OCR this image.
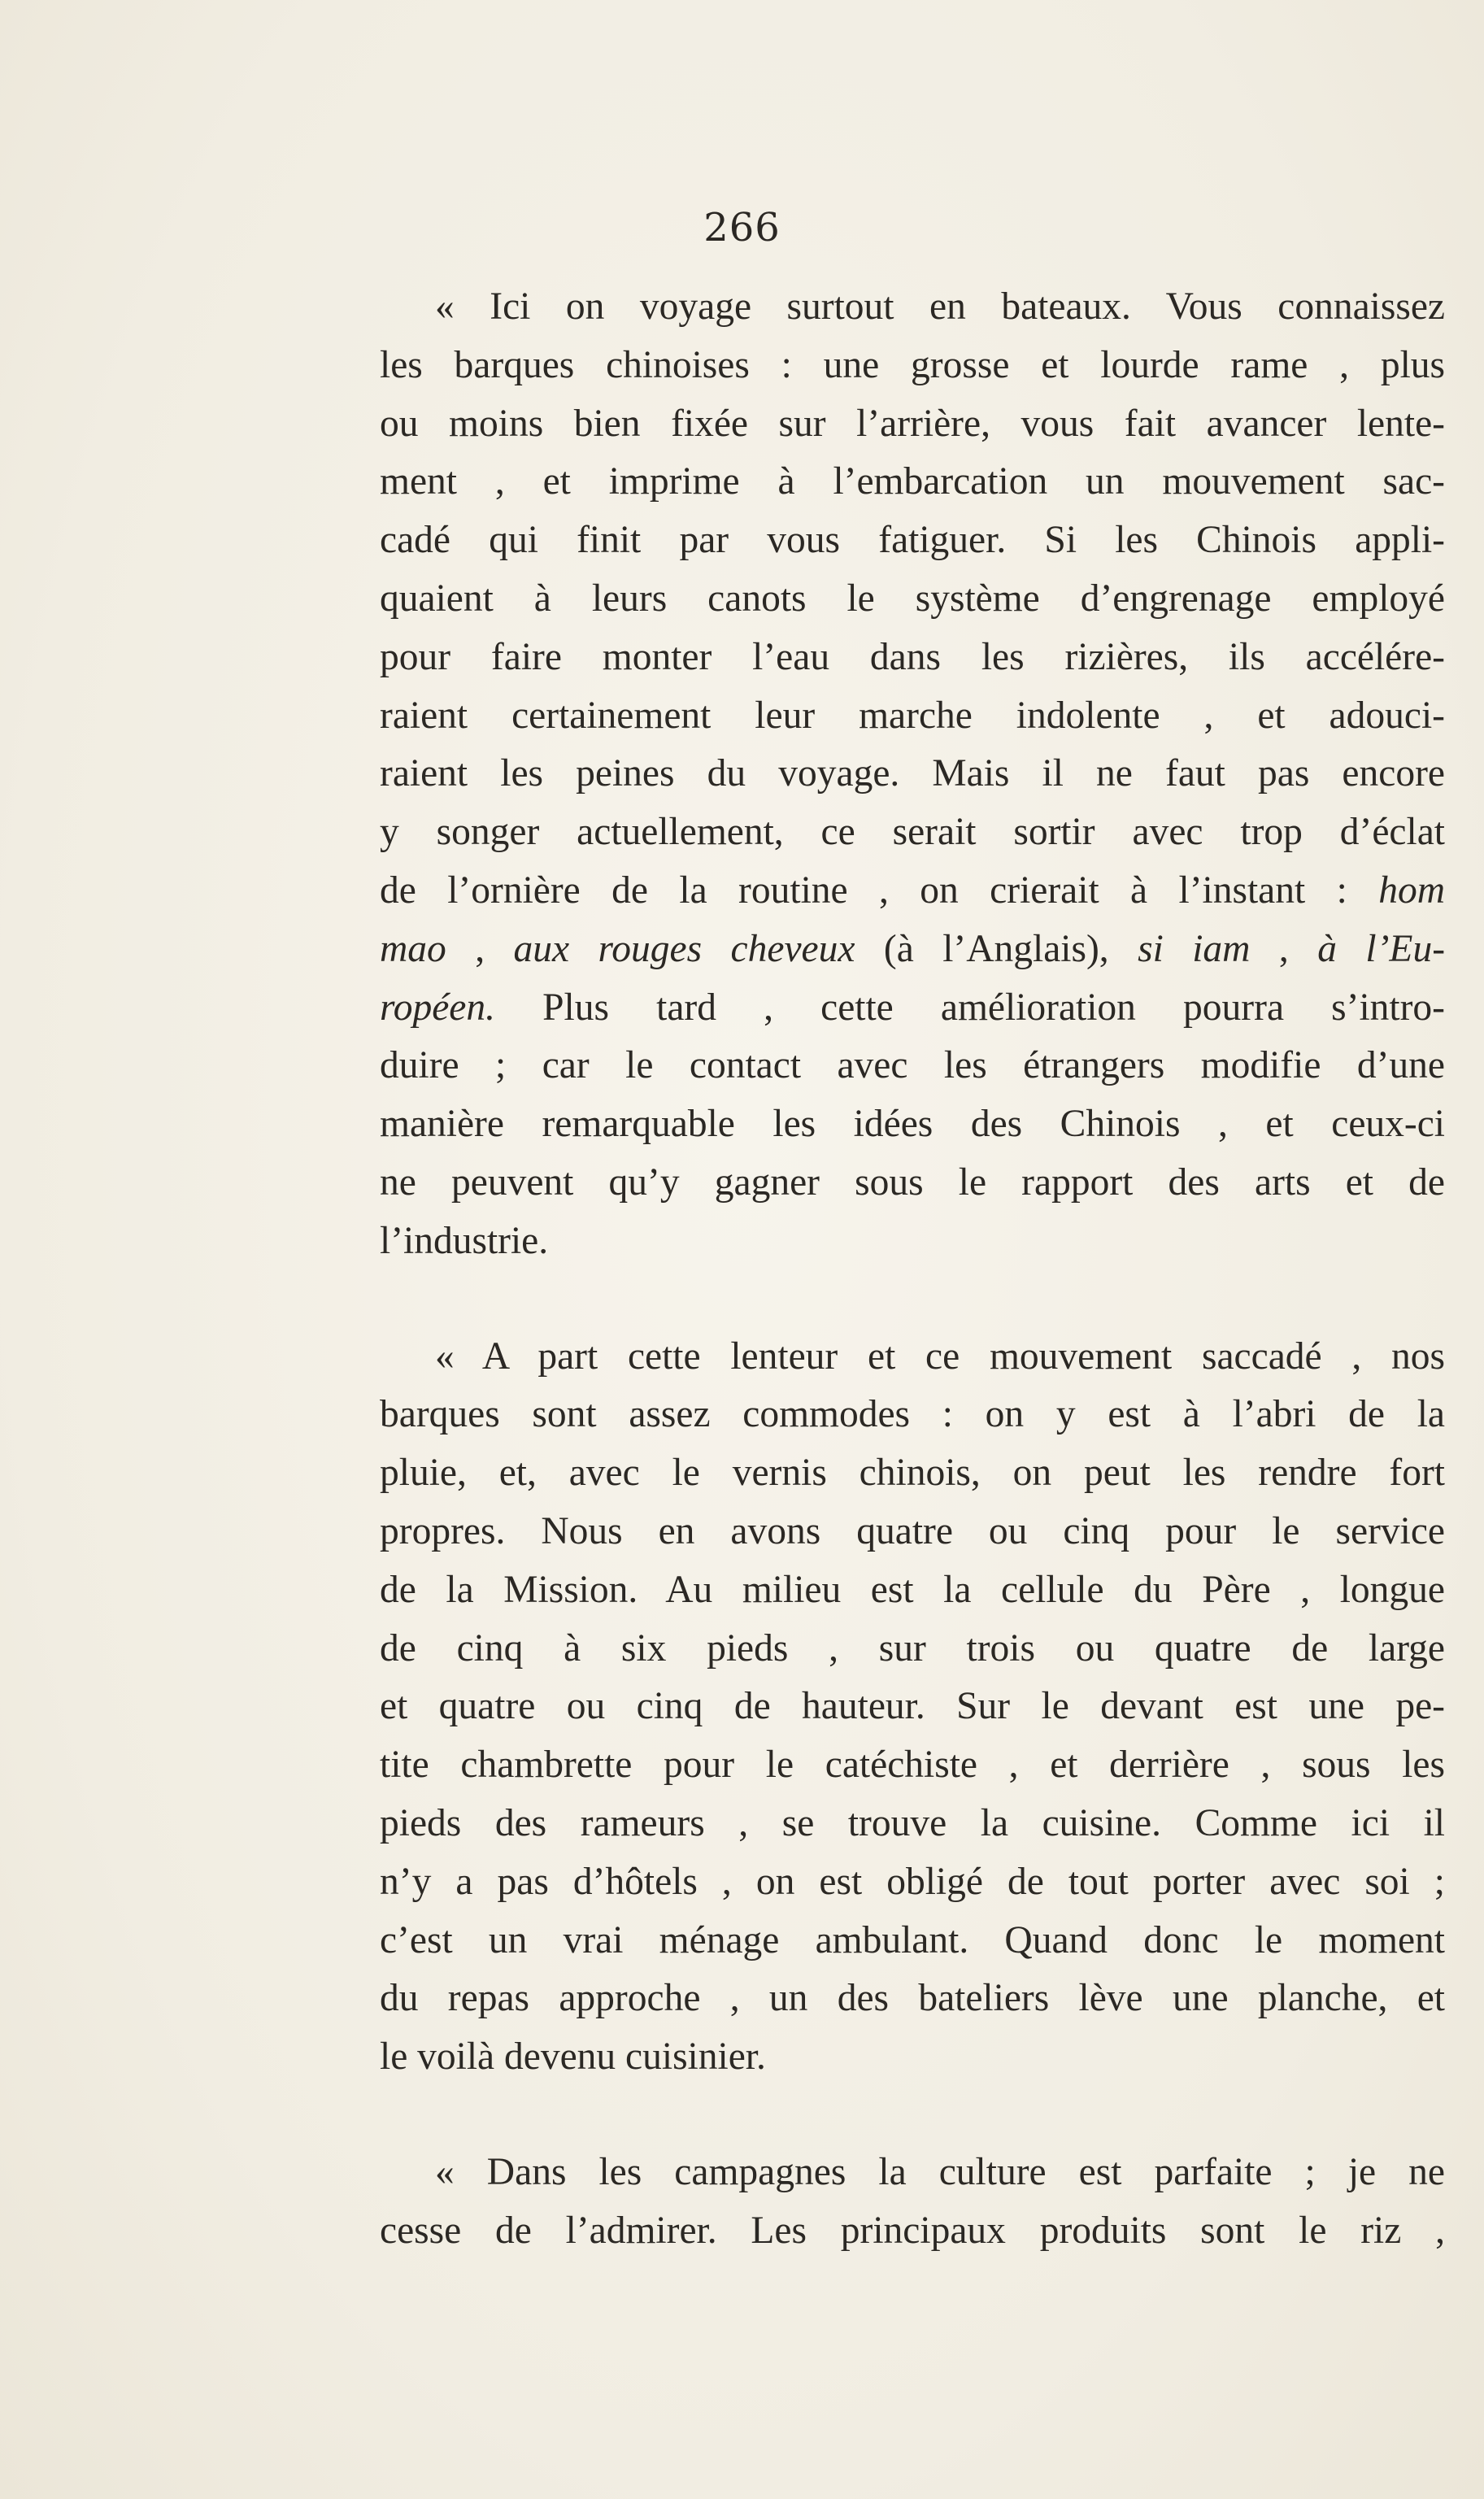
266
« Ici on voyage surtout en bateaux. Vous connaissez
les barques chinoises : une grosse et lourde rame , plus
ou moins bien fixée sur l’arrière, vous fait avancer lente-
ment , et imprime à l’embarcation un mouvement sac-
cadé qui finit par vous fatiguer. Si les Chinois appli-
quaient à leurs canots le système d’engrenage employé
pour faire monter l’eau dans les rizières, ils accélére-
raient certainement leur marche indolente , et adouci-
raient les peines du voyage. Mais il ne faut pas encore
y songer actuellement, ce serait sortir avec trop d’éclat
de l’ornière de la routine , on crierait à l’instant : hom
mao , aux rouges cheveux (à l’Anglais), si iam , à l’Eu-
ropéen. Plus tard , cette amélioration pourra s’intro-
duire ; car le contact avec les étrangers modifie d’une
manière remarquable les idées des Chinois , et ceux-ci
ne peuvent qu’y gagner sous le rapport des arts et de
l’industrie.
« A part cette lenteur et ce mouvement saccadé , nos
barques sont assez commodes : on y est à l’abri de la
pluie, et, avec le vernis chinois, on peut les rendre fort
propres. Nous en avons quatre ou cinq pour le service
de la Mission. Au milieu est la cellule du Père , longue
de cinq à six pieds , sur trois ou quatre de large
et quatre ou cinq de hauteur. Sur le devant est une pe-
tite chambrette pour le catéchiste , et derrière , sous les
pieds des rameurs , se trouve la cuisine. Comme ici il
n’y a pas d’hôtels , on est obligé de tout porter avec soi ;
c’est un vrai ménage ambulant. Quand donc le moment
du repas approche , un des bateliers lève une planche, et
le voilà devenu cuisinier.
« Dans les campagnes la culture est parfaite ; je ne
cesse de l’admirer. Les principaux produits sont le riz ,
